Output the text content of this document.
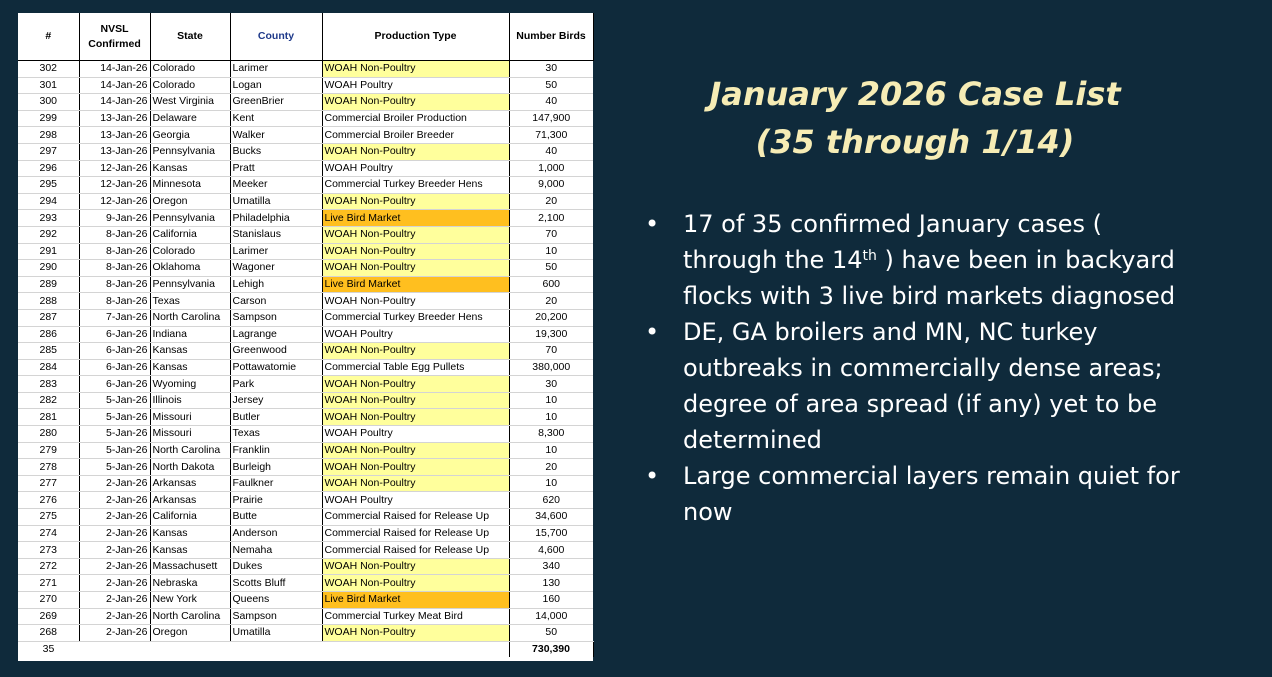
#	NVSL Confirmed	State	County	Production Type	Number Birds
302	14-Jan-26	Colorado	Larimer	WOAH Non-Poultry	30
301	14-Jan-26	Colorado	Logan	WOAH Poultry	50
300	14-Jan-26	West Virginia	GreenBrier	WOAH Non-Poultry	40
299	13-Jan-26	Delaware	Kent	Commercial Broiler Production	147,900
298	13-Jan-26	Georgia	Walker	Commercial Broiler Breeder	71,300
297	13-Jan-26	Pennsylvania	Bucks	WOAH Non-Poultry	40
296	12-Jan-26	Kansas	Pratt	WOAH Poultry	1,000
295	12-Jan-26	Minnesota	Meeker	Commercial Turkey Breeder Hens	9,000
294	12-Jan-26	Oregon	Umatilla	WOAH Non-Poultry	20
293	9-Jan-26	Pennsylvania	Philadelphia	Live Bird Market	2,100
292	8-Jan-26	California	Stanislaus	WOAH Non-Poultry	70
291	8-Jan-26	Colorado	Larimer	WOAH Non-Poultry	10
290	8-Jan-26	Oklahoma	Wagoner	WOAH Non-Poultry	50
289	8-Jan-26	Pennsylvania	Lehigh	Live Bird Market	600
288	8-Jan-26	Texas	Carson	WOAH Non-Poultry	20
287	7-Jan-26	North Carolina	Sampson	Commercial Turkey Breeder Hens	20,200
286	6-Jan-26	Indiana	Lagrange	WOAH Poultry	19,300
285	6-Jan-26	Kansas	Greenwood	WOAH Non-Poultry	70
284	6-Jan-26	Kansas	Pottawatomie	Commercial Table Egg Pullets	380,000
283	6-Jan-26	Wyoming	Park	WOAH Non-Poultry	30
282	5-Jan-26	Illinois	Jersey	WOAH Non-Poultry	10
281	5-Jan-26	Missouri	Butler	WOAH Non-Poultry	10
280	5-Jan-26	Missouri	Texas	WOAH Poultry	8,300
279	5-Jan-26	North Carolina	Franklin	WOAH Non-Poultry	10
278	5-Jan-26	North Dakota	Burleigh	WOAH Non-Poultry	20
277	2-Jan-26	Arkansas	Faulkner	WOAH Non-Poultry	10
276	2-Jan-26	Arkansas	Prairie	WOAH Poultry	620
275	2-Jan-26	California	Butte	Commercial Raised for Release Up	34,600
274	2-Jan-26	Kansas	Anderson	Commercial Raised for Release Up	15,700
273	2-Jan-26	Kansas	Nemaha	Commercial Raised for Release Up	4,600
272	2-Jan-26	Massachusett	Dukes	WOAH Non-Poultry	340
271	2-Jan-26	Nebraska	Scotts Bluff	WOAH Non-Poultry	130
270	2-Jan-26	New York	Queens	Live Bird Market	160
269	2-Jan-26	North Carolina	Sampson	Commercial Turkey Meat Bird	14,000
268	2-Jan-26	Oregon	Umatilla	WOAH Non-Poultry	50
35					730,390
January 2026 Case List
(35 through 1/14)
• 17 of 35 confirmed January cases ( through the 14th ) have been in backyard flocks with 3 live bird markets diagnosed
• DE, GA broilers and MN, NC turkey outbreaks in commercially dense areas; degree of area spread (if any) yet to be determined
• Large commercial layers remain quiet for now
